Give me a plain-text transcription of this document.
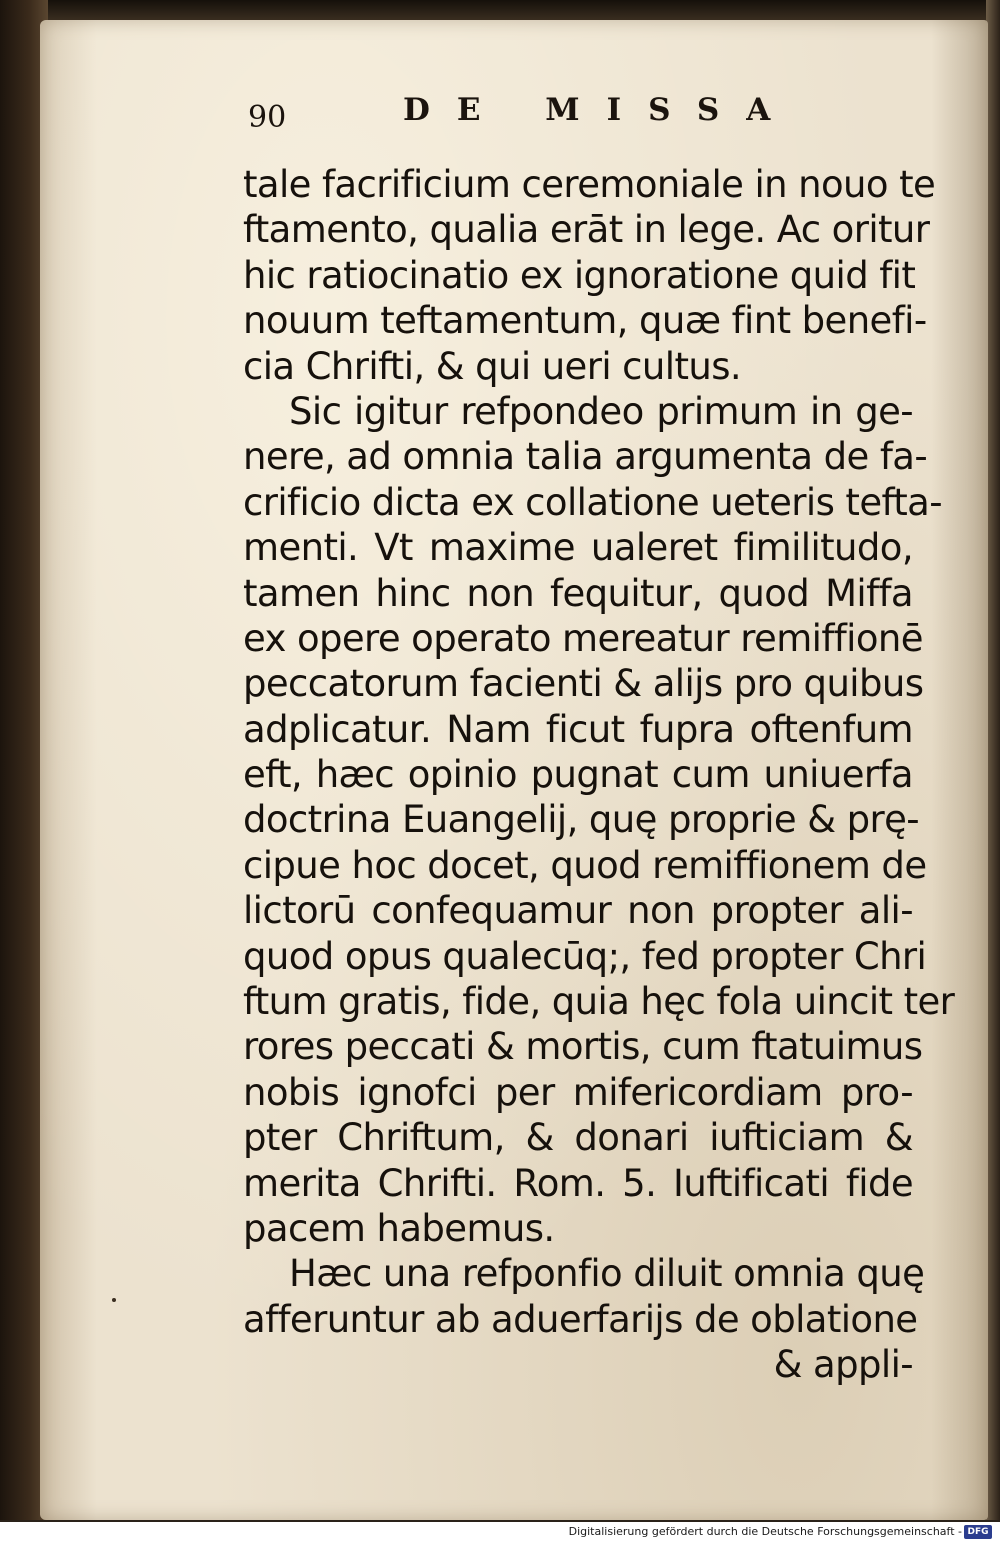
90	DE MISSA
tale facrificium ceremoniale in nouo te
ftamento, qualia erāt in lege. Ac oritur
hic ratiocinatio ex ignoratione quid fit
nouum teftamentum, quæ fint benefi-
cia Chrifti, & qui ueri cultus.
Sic igitur refpondeo primum in ge-
nere, ad omnia talia argumenta de fa-
crificio dicta ex collatione ueteris tefta-
menti. Vt maxime ualeret fimilitudo,
tamen hinc non fequitur, quod Miffa
ex opere operato mereatur remiffionē
peccatorum facienti & alijs pro quibus
adplicatur. Nam ficut fupra oftenfum
eft, hæc opinio pugnat cum uniuerfa
doctrina Euangelij, quę proprie & prę-
cipue hoc docet, quod remiffionem de
lictorū confequamur non propter ali-
quod opus qualecūq;, fed propter Chri
ftum gratis, fide, quia hęc fola uincit ter
rores peccati & mortis, cum ftatuimus
nobis ignofci per mifericordiam pro-
pter Chriftum, & donari iufticiam &
merita Chrifti. Rom. 5. Iuftificati fide
pacem habemus.
Hæc una refponfio diluit omnia quę
afferuntur ab aduerfarijs de oblatione
& appli-
Digitalisierung gefördert durch die Deutsche Forschungsgemeinschaft - DFG
